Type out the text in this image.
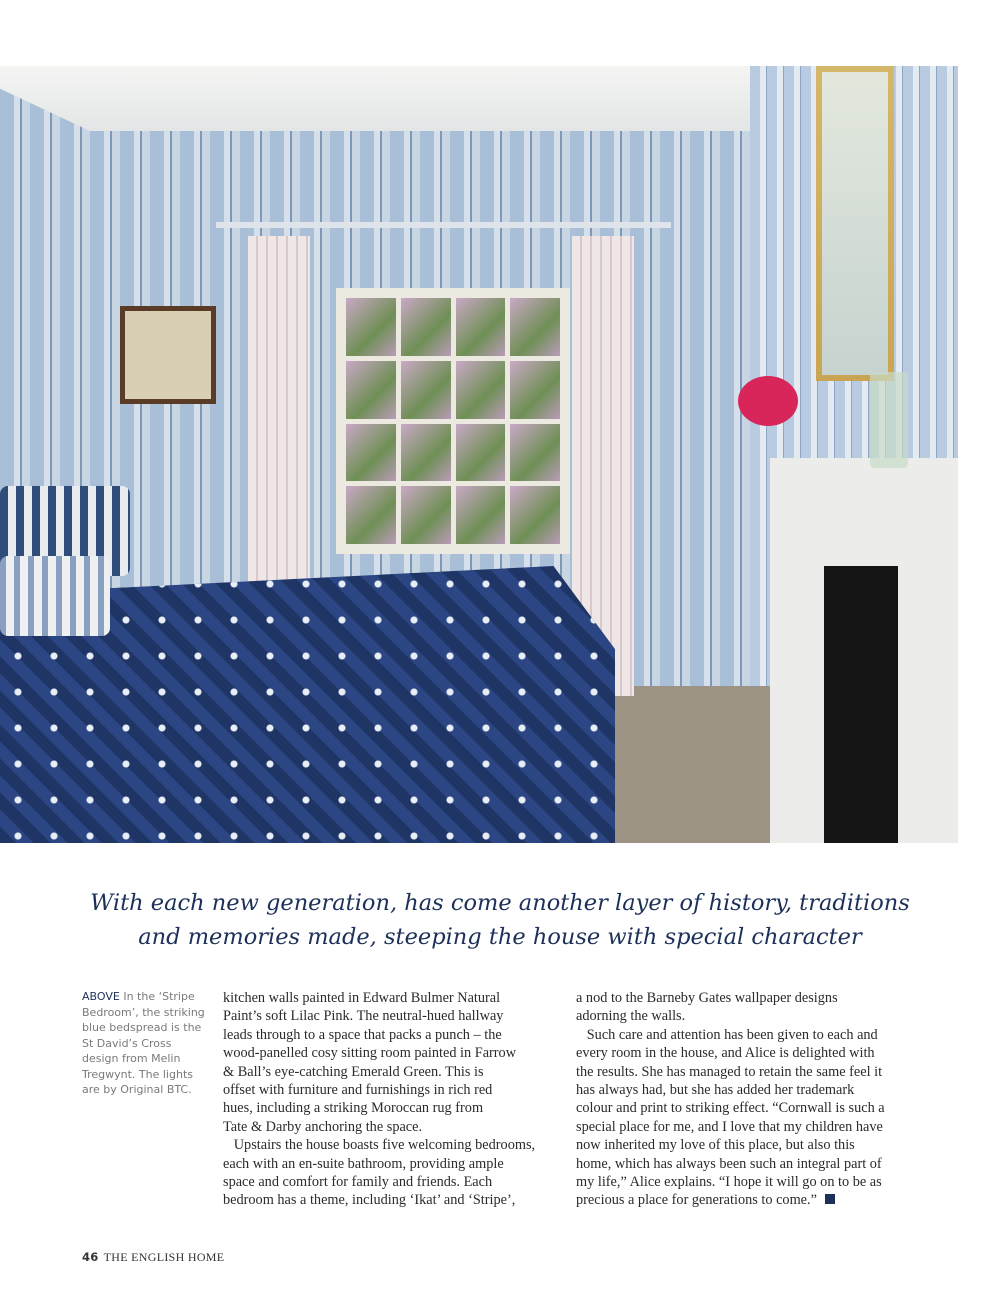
With each new generation, has come another layer of history, traditions
and memories made, steeping the house with special character
ABOVE In the ‘Stripe Bedroom’, the striking blue bedspread is the St David’s Cross design from Melin Tregwynt. The lights are by Original BTC.
kitchen walls painted in Edward Bulmer Natural
Paint’s soft Lilac Pink. The neutral-hued hallway
leads through to a space that packs a punch – the
wood-panelled cosy sitting room painted in Farrow
& Ball’s eye-catching Emerald Green. This is
offset with furniture and furnishings in rich red
hues, including a striking Moroccan rug from
Tate & Darby anchoring the space.
Upstairs the house boasts five welcoming bedrooms,
each with an en-suite bathroom, providing ample
space and comfort for family and friends. Each
bedroom has a theme, including ‘Ikat’ and ‘Stripe’,
a nod to the Barneby Gates wallpaper designs
adorning the walls.
Such care and attention has been given to each and
every room in the house, and Alice is delighted with
the results. She has managed to retain the same feel it
has always had, but she has added her trademark
colour and print to striking effect. “Cornwall is such a
special place for me, and I love that my children have
now inherited my love of this place, but also this
home, which has always been such an integral part of
my life,” Alice explains. “I hope it will go on to be as
precious a place for generations to come.”
46 THE ENGLISH HOME
